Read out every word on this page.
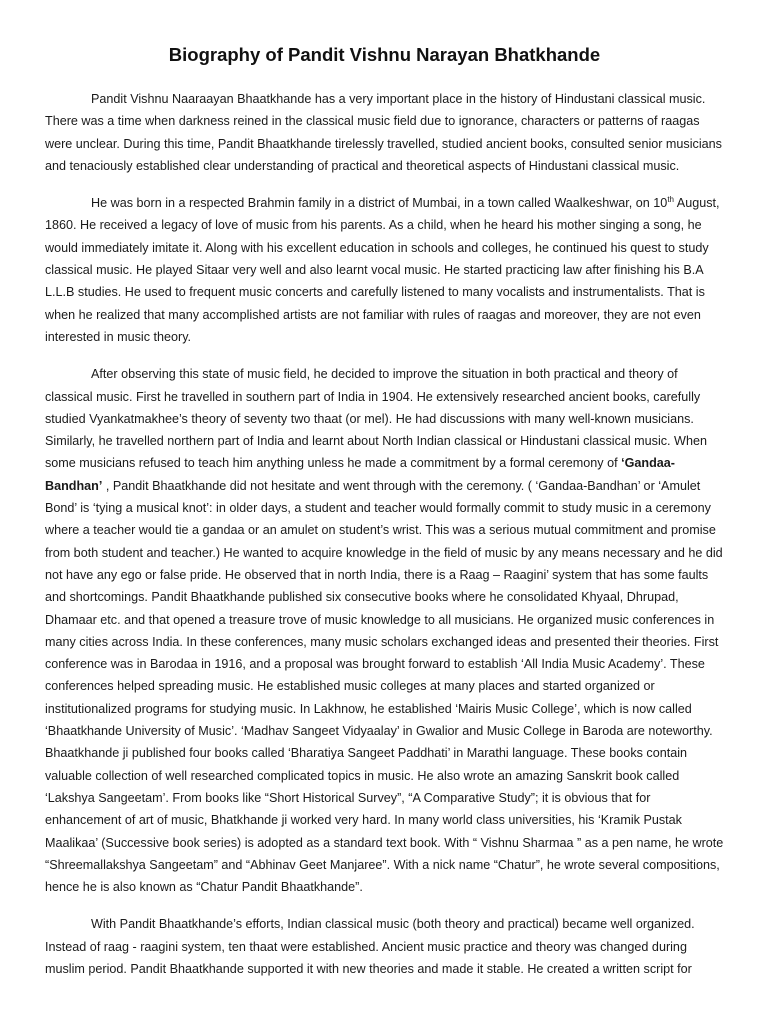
Biography of Pandit Vishnu Narayan Bhatkhande

Pandit Vishnu Naaraayan Bhaatkhande has a very important place in the history of Hindustani classical music. There was a time when darkness reined in the classical music field due to ignorance, characters or patterns of raagas were unclear. During this time, Pandit Bhaatkhande tirelessly travelled, studied ancient books, consulted senior musicians and tenaciously established clear understanding of practical and theoretical aspects of Hindustani classical music.

He was born in a respected Brahmin family in a district of Mumbai, in a town called Waalkeshwar, on 10th August, 1860. He received a legacy of love of music from his parents. As a child, when he heard his mother singing a song, he would immediately imitate it. Along with his excellent education in schools and colleges, he continued his quest to study classical music. He played Sitaar very well and also learnt vocal music. He started practicing law after finishing his B.A L.L.B studies. He used to frequent music concerts and carefully listened to many vocalists and instrumentalists. That is when he realized that many accomplished artists are not familiar with rules of raagas and moreover, they are not even interested in music theory.

After observing this state of music field, he decided to improve the situation in both practical and theory of classical music. First he travelled in southern part of India in 1904. He extensively researched ancient books, carefully studied Vyankatmakhee’s theory of seventy two thaat (or mel). He had discussions with many well-known musicians. Similarly, he travelled northern part of India and learnt about North Indian classical or Hindustani classical music. When some musicians refused to teach him anything unless he made a commitment by a formal ceremony of ‘Gandaa-Bandhan’ , Pandit Bhaatkhande did not hesitate and went through with the ceremony. ( ‘Gandaa-Bandhan’ or ‘Amulet Bond’ is ‘tying a musical knot’: in older days, a student and teacher would formally commit to study music in a ceremony where a teacher would tie a gandaa or an amulet on student’s wrist. This was a serious mutual commitment and promise from both student and teacher.) He wanted to acquire knowledge in the field of music by any means necessary and he did not have any ego or false pride. He observed that in north India, there is a Raag – Raagini’ system that has some faults and shortcomings. Pandit Bhaatkhande published six consecutive books where he consolidated Khyaal, Dhrupad, Dhamaar etc. and that opened a treasure trove of music knowledge to all musicians. He organized music conferences in many cities across India. In these conferences, many music scholars exchanged ideas and presented their theories. First conference was in Barodaa in 1916, and a proposal was brought forward to establish ‘All India Music Academy’. These conferences helped spreading music. He established music colleges at many places and started organized or institutionalized programs for studying music. In Lakhnow, he established ‘Mairis Music College’, which is now called ‘Bhaatkhande University of Music’. ‘Madhav Sangeet Vidyaalay’ in Gwalior and Music College in Baroda are noteworthy. Bhaatkhande ji published four books called ‘Bharatiya Sangeet Paddhati’ in Marathi language. These books contain valuable collection of well researched complicated topics in music. He also wrote an amazing Sanskrit book called ‘Lakshya Sangeetam’. From books like “Short Historical Survey”, “A Comparative Study”; it is obvious that for enhancement of art of music, Bhatkhande ji worked very hard. In many world class universities, his ‘Kramik Pustak Maalikaa’ (Successive book series) is adopted as a standard text book. With “ Vishnu Sharmaa ” as a pen name, he wrote “Shreemallakshya Sangeetam” and “Abhinav Geet Manjaree”. With a nick name “Chatur”, he wrote several compositions, hence he is also known as “Chatur Pandit Bhaatkhande”.

With Pandit Bhaatkhande’s efforts, Indian classical music (both theory and practical) became well organized. Instead of raag - raagini system, ten thaat were established. Ancient music practice and theory was changed during muslim period. Pandit Bhaatkhande supported it with new theories and made it stable. He created a written script for
